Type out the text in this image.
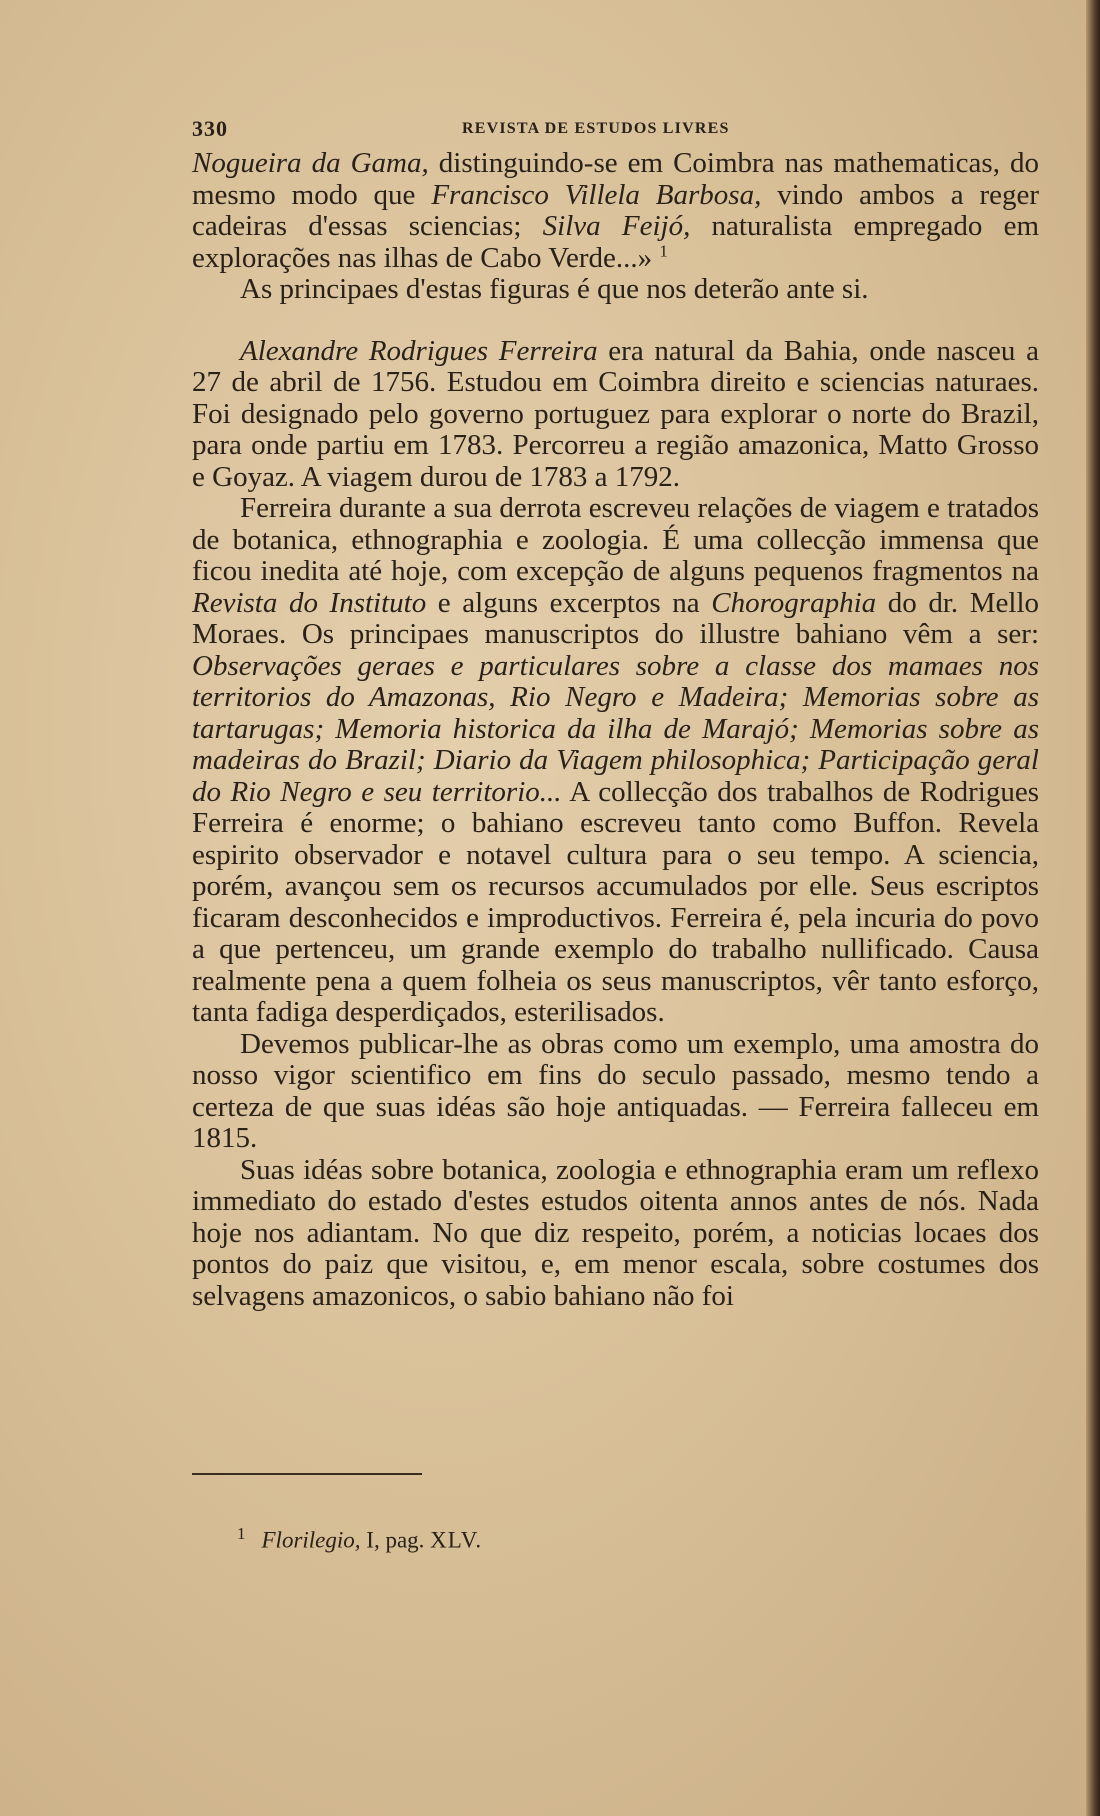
330	REVISTA DE ESTUDOS LIVRES

Nogueira da Gama, distinguindo-se em Coimbra nas mathematicas, do mesmo modo que Francisco Villela Barbosa, vindo ambos a reger cadeiras d'essas sciencias; Silva Feijó, naturalista empregado em explorações nas ilhas de Cabo Verde...» $^1$

As principaes d'estas figuras é que nos deterão ante si.

Alexandre Rodrigues Ferreira era natural da Bahia, onde nasceu a 27 de abril de 1756. Estudou em Coimbra direito e sciencias naturaes. Foi designado pelo governo portuguez para explorar o norte do Brazil, para onde partiu em 1783. Percorreu a região amazonica, Matto Grosso e Goyaz. A viagem durou de 1783 a 1792.

Ferreira durante a sua derrota escreveu relações de viagem e tratados de botanica, ethnographia e zoologia. É uma collecção immensa que ficou inedita até hoje, com excepção de alguns pequenos fragmentos na Revista do Instituto e alguns excerptos na Chorographia do dr. Mello Moraes. Os principaes manuscriptos do illustre bahiano vêm a ser: Observações geraes e particulares sobre a classe dos mamaes nos territorios do Amazonas, Rio Negro e Madeira; Memorias sobre as tartarugas; Memoria historica da ilha de Marajó; Memorias sobre as madeiras do Brazil; Diario da Viagem philosophica; Participação geral do Rio Negro e seu territorio... A collecção dos trabalhos de Rodrigues Ferreira é enorme; o bahiano escreveu tanto como Buffon. Revela espirito observador e notavel cultura para o seu tempo. A sciencia, porém, avançou sem os recursos accumulados por elle. Seus escriptos ficaram desconhecidos e improductivos. Ferreira é, pela incuria do povo a que pertenceu, um grande exemplo do trabalho nullificado. Causa realmente pena a quem folheia os seus manuscriptos, vêr tanto esforço, tanta fadiga desperdiçados, esterilisados.

Devemos publicar-lhe as obras como um exemplo, uma amostra do nosso vigor scientifico em fins do seculo passado, mesmo tendo a certeza de que suas idéas são hoje antiquadas. — Ferreira falleceu em 1815.

Suas idéas sobre botanica, zoologia e ethnographia eram um reflexo immediato do estado d'estes estudos oitenta annos antes de nós. Nada hoje nos adiantam. No que diz respeito, porém, a noticias locaes dos pontos do paiz que visitou, e, em menor escala, sobre costumes dos selvagens amazonicos, o sabio bahiano não foi

$^1$ Florilegio, I, pag. XLV.
